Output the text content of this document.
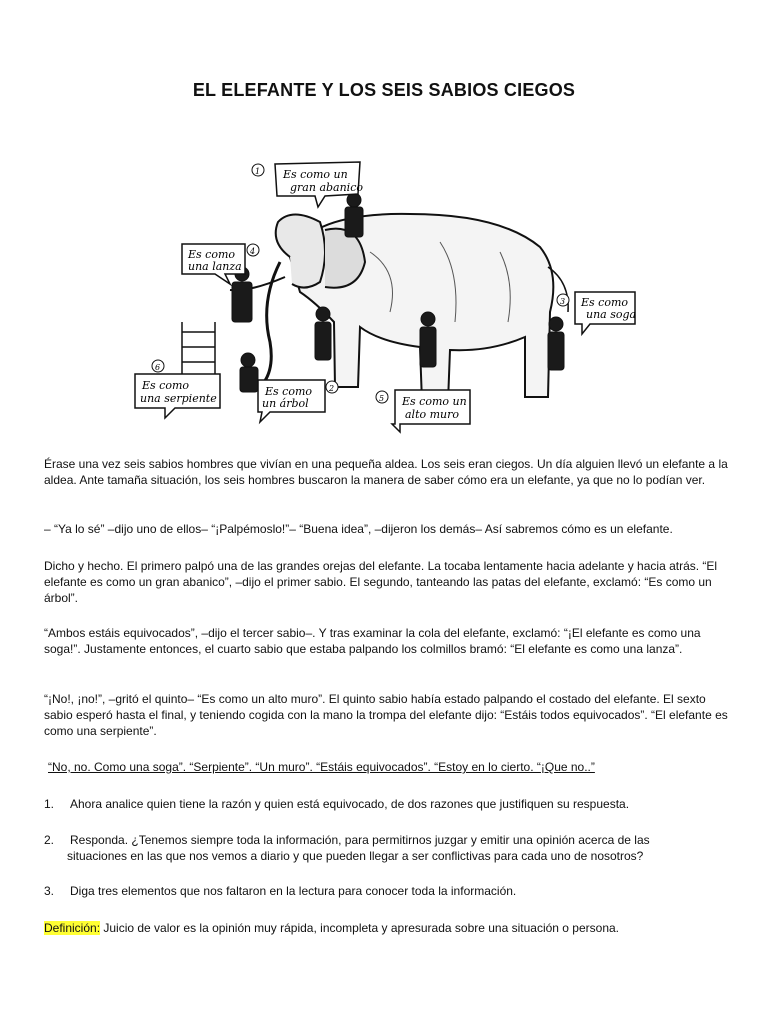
EL ELEFANTE Y LOS SEIS SABIOS CIEGOS
1 Es como un
gran abanico
4
Es como
una lanza
3 Es como
una soga
6
Es como
una serpiente
2
Es como
un árbol	5 Es como un
alto muro
Érase una vez seis sabios hombres que vivían en una pequeña aldea. Los seis eran ciegos. Un día alguien llevó un elefante a la aldea. Ante tamaña situación, los seis hombres buscaron la manera de saber cómo era un elefante, ya que no lo podían ver.
– “Ya lo sé” –dijo uno de ellos– “¡Palpémoslo!”– “Buena idea”, –dijeron los demás– Así sabremos cómo es un elefante.
Dicho y hecho. El primero palpó una de las grandes orejas del elefante. La tocaba lentamente hacia adelante y hacia atrás. “El elefante es como un gran abanico”, –dijo el primer sabio. El segundo, tanteando las patas del elefante, exclamó: “Es como un árbol”.
“Ambos estáis equivocados”, –dijo el tercer sabio–. Y tras examinar la cola del elefante, exclamó: “¡El elefante es como una soga!”. Justamente entonces, el cuarto sabio que estaba palpando los colmillos bramó: “El elefante es como una lanza”.
“¡No!, ¡no!”, –gritó el quinto– “Es como un alto muro”. El quinto sabio había estado palpando el costado del elefante. El sexto sabio esperó hasta el final, y teniendo cogida con la mano la trompa del elefante dijo: “Estáis todos equivocados”. “El elefante es como una serpiente”.
“No, no. Como una soga”. “Serpiente”. “Un muro”. “Estáis equivocados”. “Estoy en lo cierto. “¡Que no..”
1. Ahora analice quien tiene la razón y quien está equivocado, de dos razones que justifiquen su respuesta.
2. Responda. ¿Tenemos siempre toda la información, para permitirnos juzgar y emitir una opinión acerca de las
situaciones en las que nos vemos a diario y que pueden llegar a ser conflictivas para cada uno de nosotros?
3. Diga tres elementos que nos faltaron en la lectura para conocer toda la información.
Definición: Juicio de valor es la opinión muy rápida, incompleta y apresurada sobre una situación o persona.
